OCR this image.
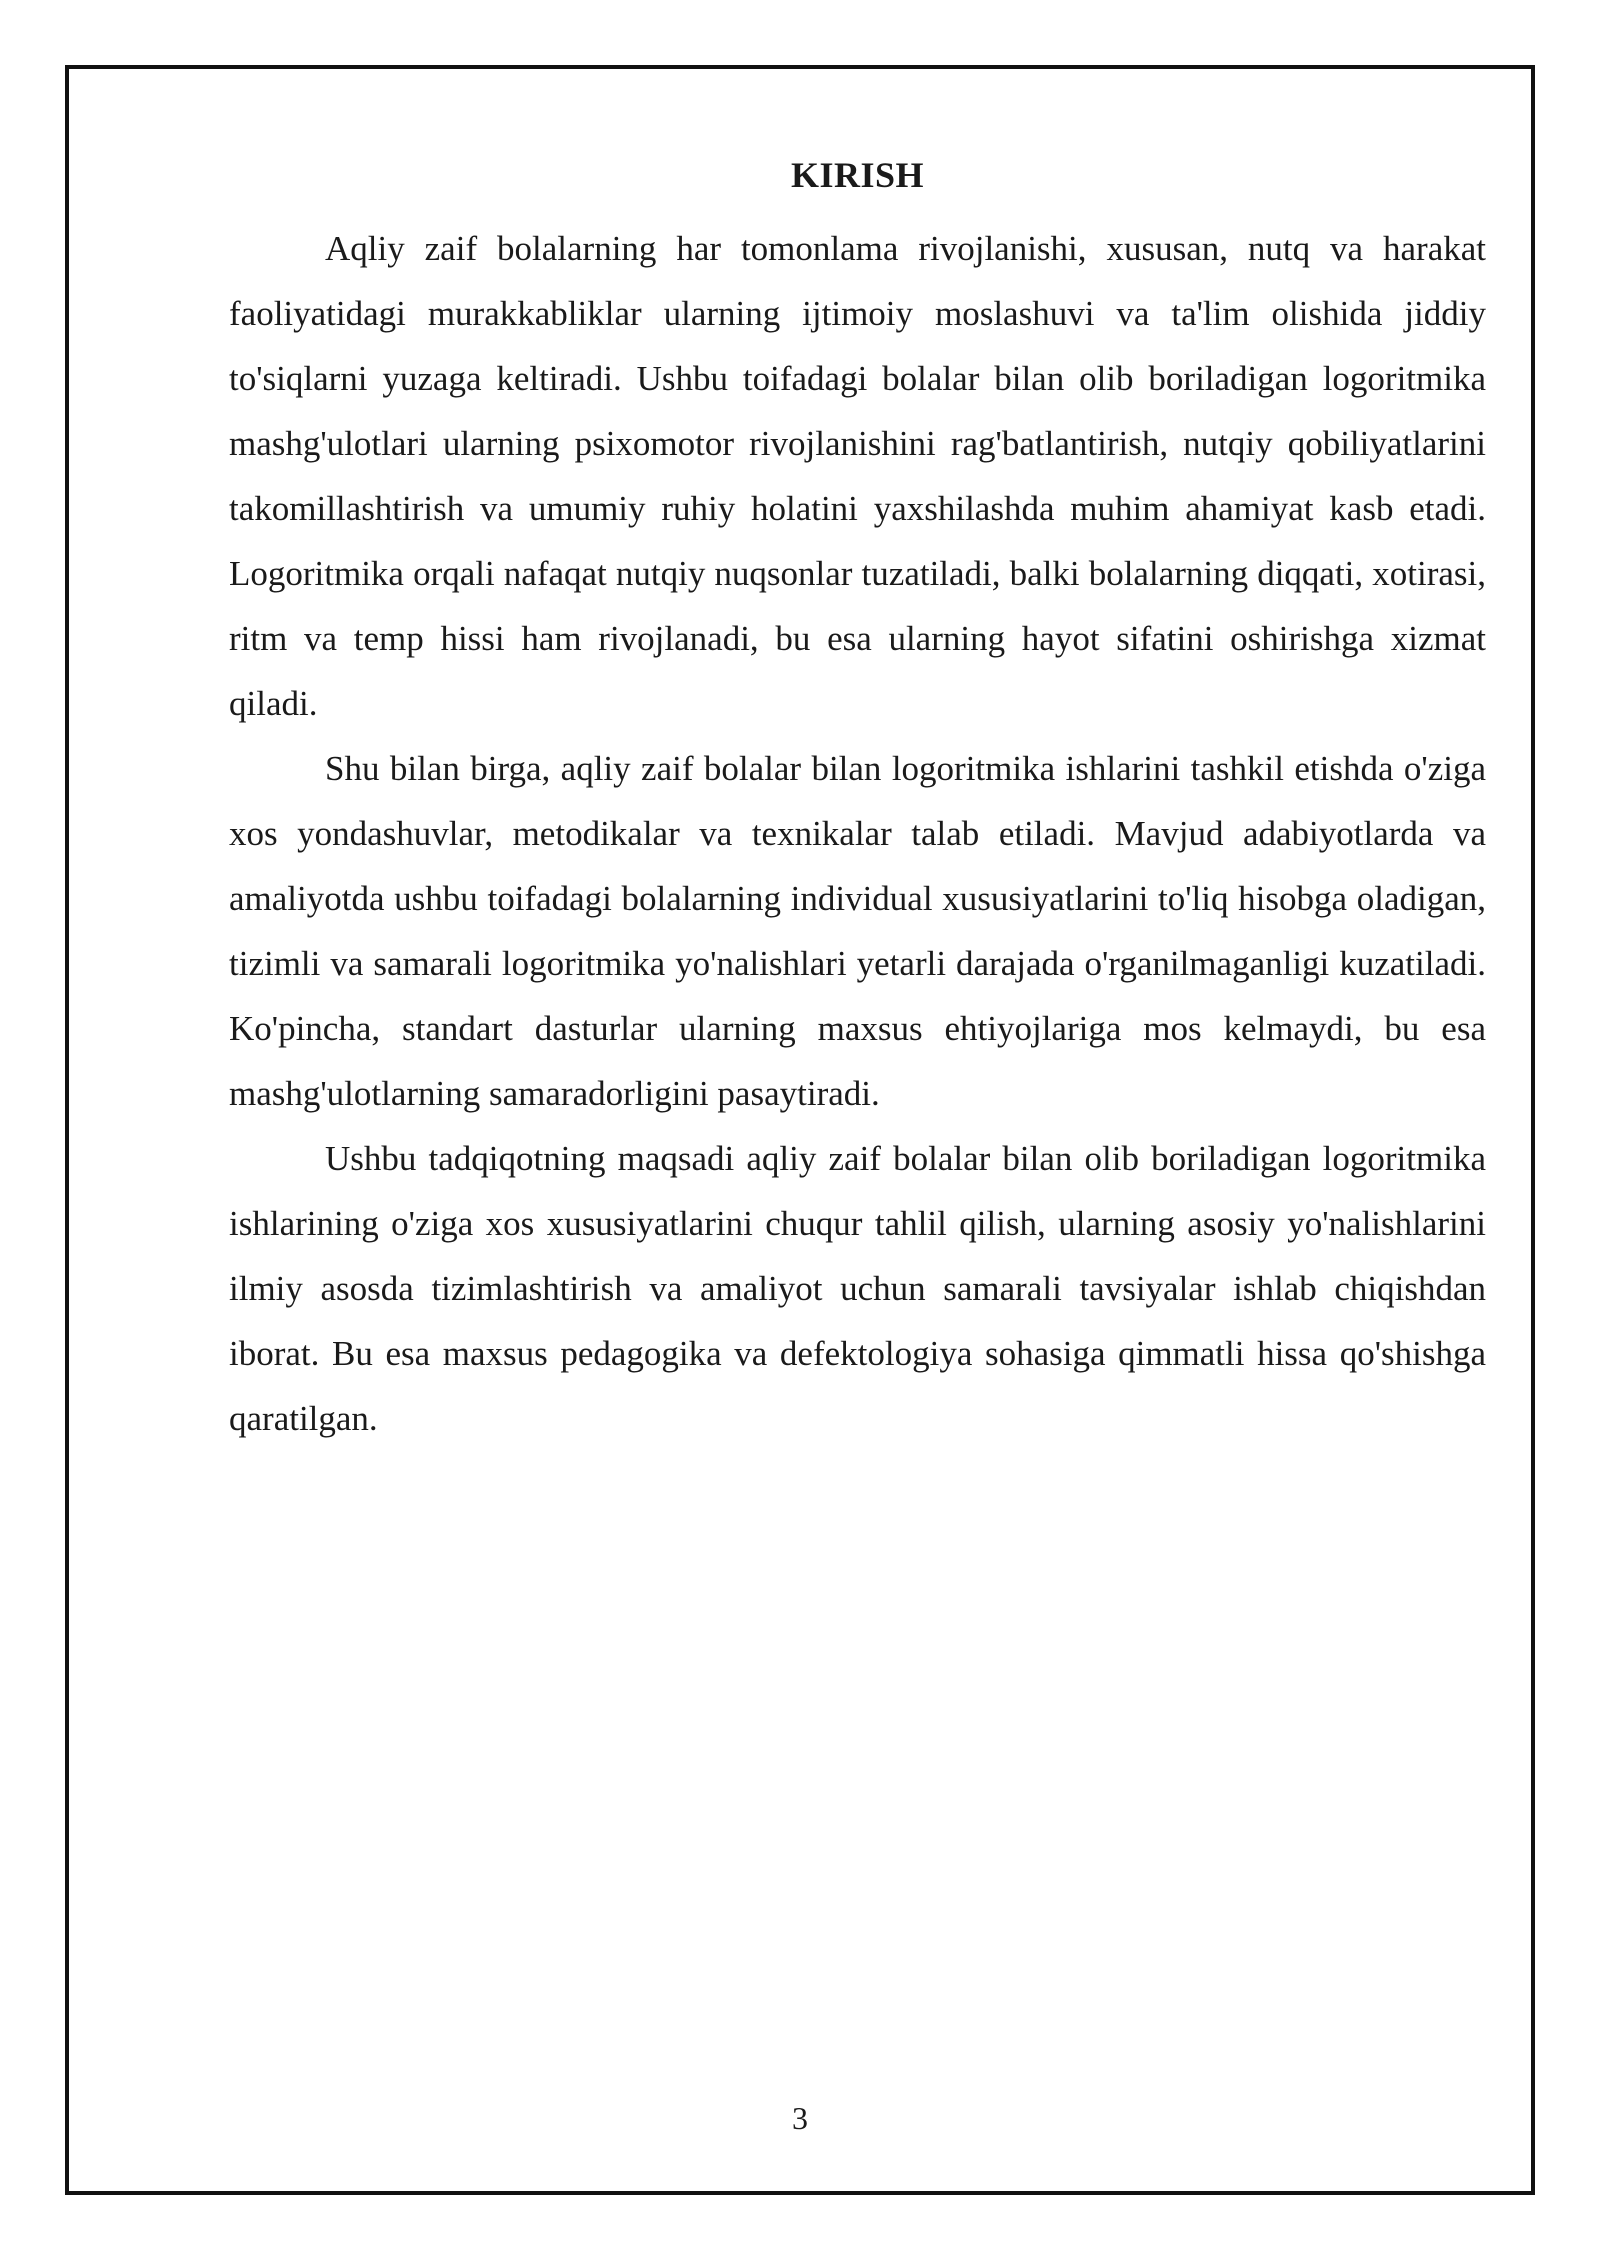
KIRISH

Aqliy zaif bolalarning har tomonlama rivojlanishi, xususan, nutq va harakat faoliyatidagi murakkabliklar ularning ijtimoiy moslashuvi va ta'lim olishida jiddiy to'siqlarni yuzaga keltiradi. Ushbu toifadagi bolalar bilan olib boriladigan logoritmika mashg'ulotlari ularning psixomotor rivojlanishini rag'batlantirish, nutqiy qobiliyatlarini takomillashtirish va umumiy ruhiy holatini yaxshilashda muhim ahamiyat kasb etadi. Logoritmika orqali nafaqat nutqiy nuqsonlar tuzatiladi, balki bolalarning diqqati, xotirasi, ritm va temp hissi ham rivojlanadi, bu esa ularning hayot sifatini oshirishga xizmat qiladi.

Shu bilan birga, aqliy zaif bolalar bilan logoritmika ishlarini tashkil etishda o'ziga xos yondashuvlar, metodikalar va texnikalar talab etiladi. Mavjud adabiyotlarda va amaliyotda ushbu toifadagi bolalarning individual xususiyatlarini to'liq hisobga oladigan, tizimli va samarali logoritmika yo'nalishlari yetarli darajada o'rganilmaganligi kuzatiladi. Ko'pincha, standart dasturlar ularning maxsus ehtiyojlariga mos kelmaydi, bu esa mashg'ulotlarning samaradorligini pasaytiradi.

Ushbu tadqiqotning maqsadi aqliy zaif bolalar bilan olib boriladigan logoritmika ishlarining o'ziga xos xususiyatlarini chuqur tahlil qilish, ularning asosiy yo'nalishlarini ilmiy asosda tizimlashtirish va amaliyot uchun samarali tavsiyalar ishlab chiqishdan iborat. Bu esa maxsus pedagogika va defektologiya sohasiga qimmatli hissa qo'shishga qaratilgan.

3
